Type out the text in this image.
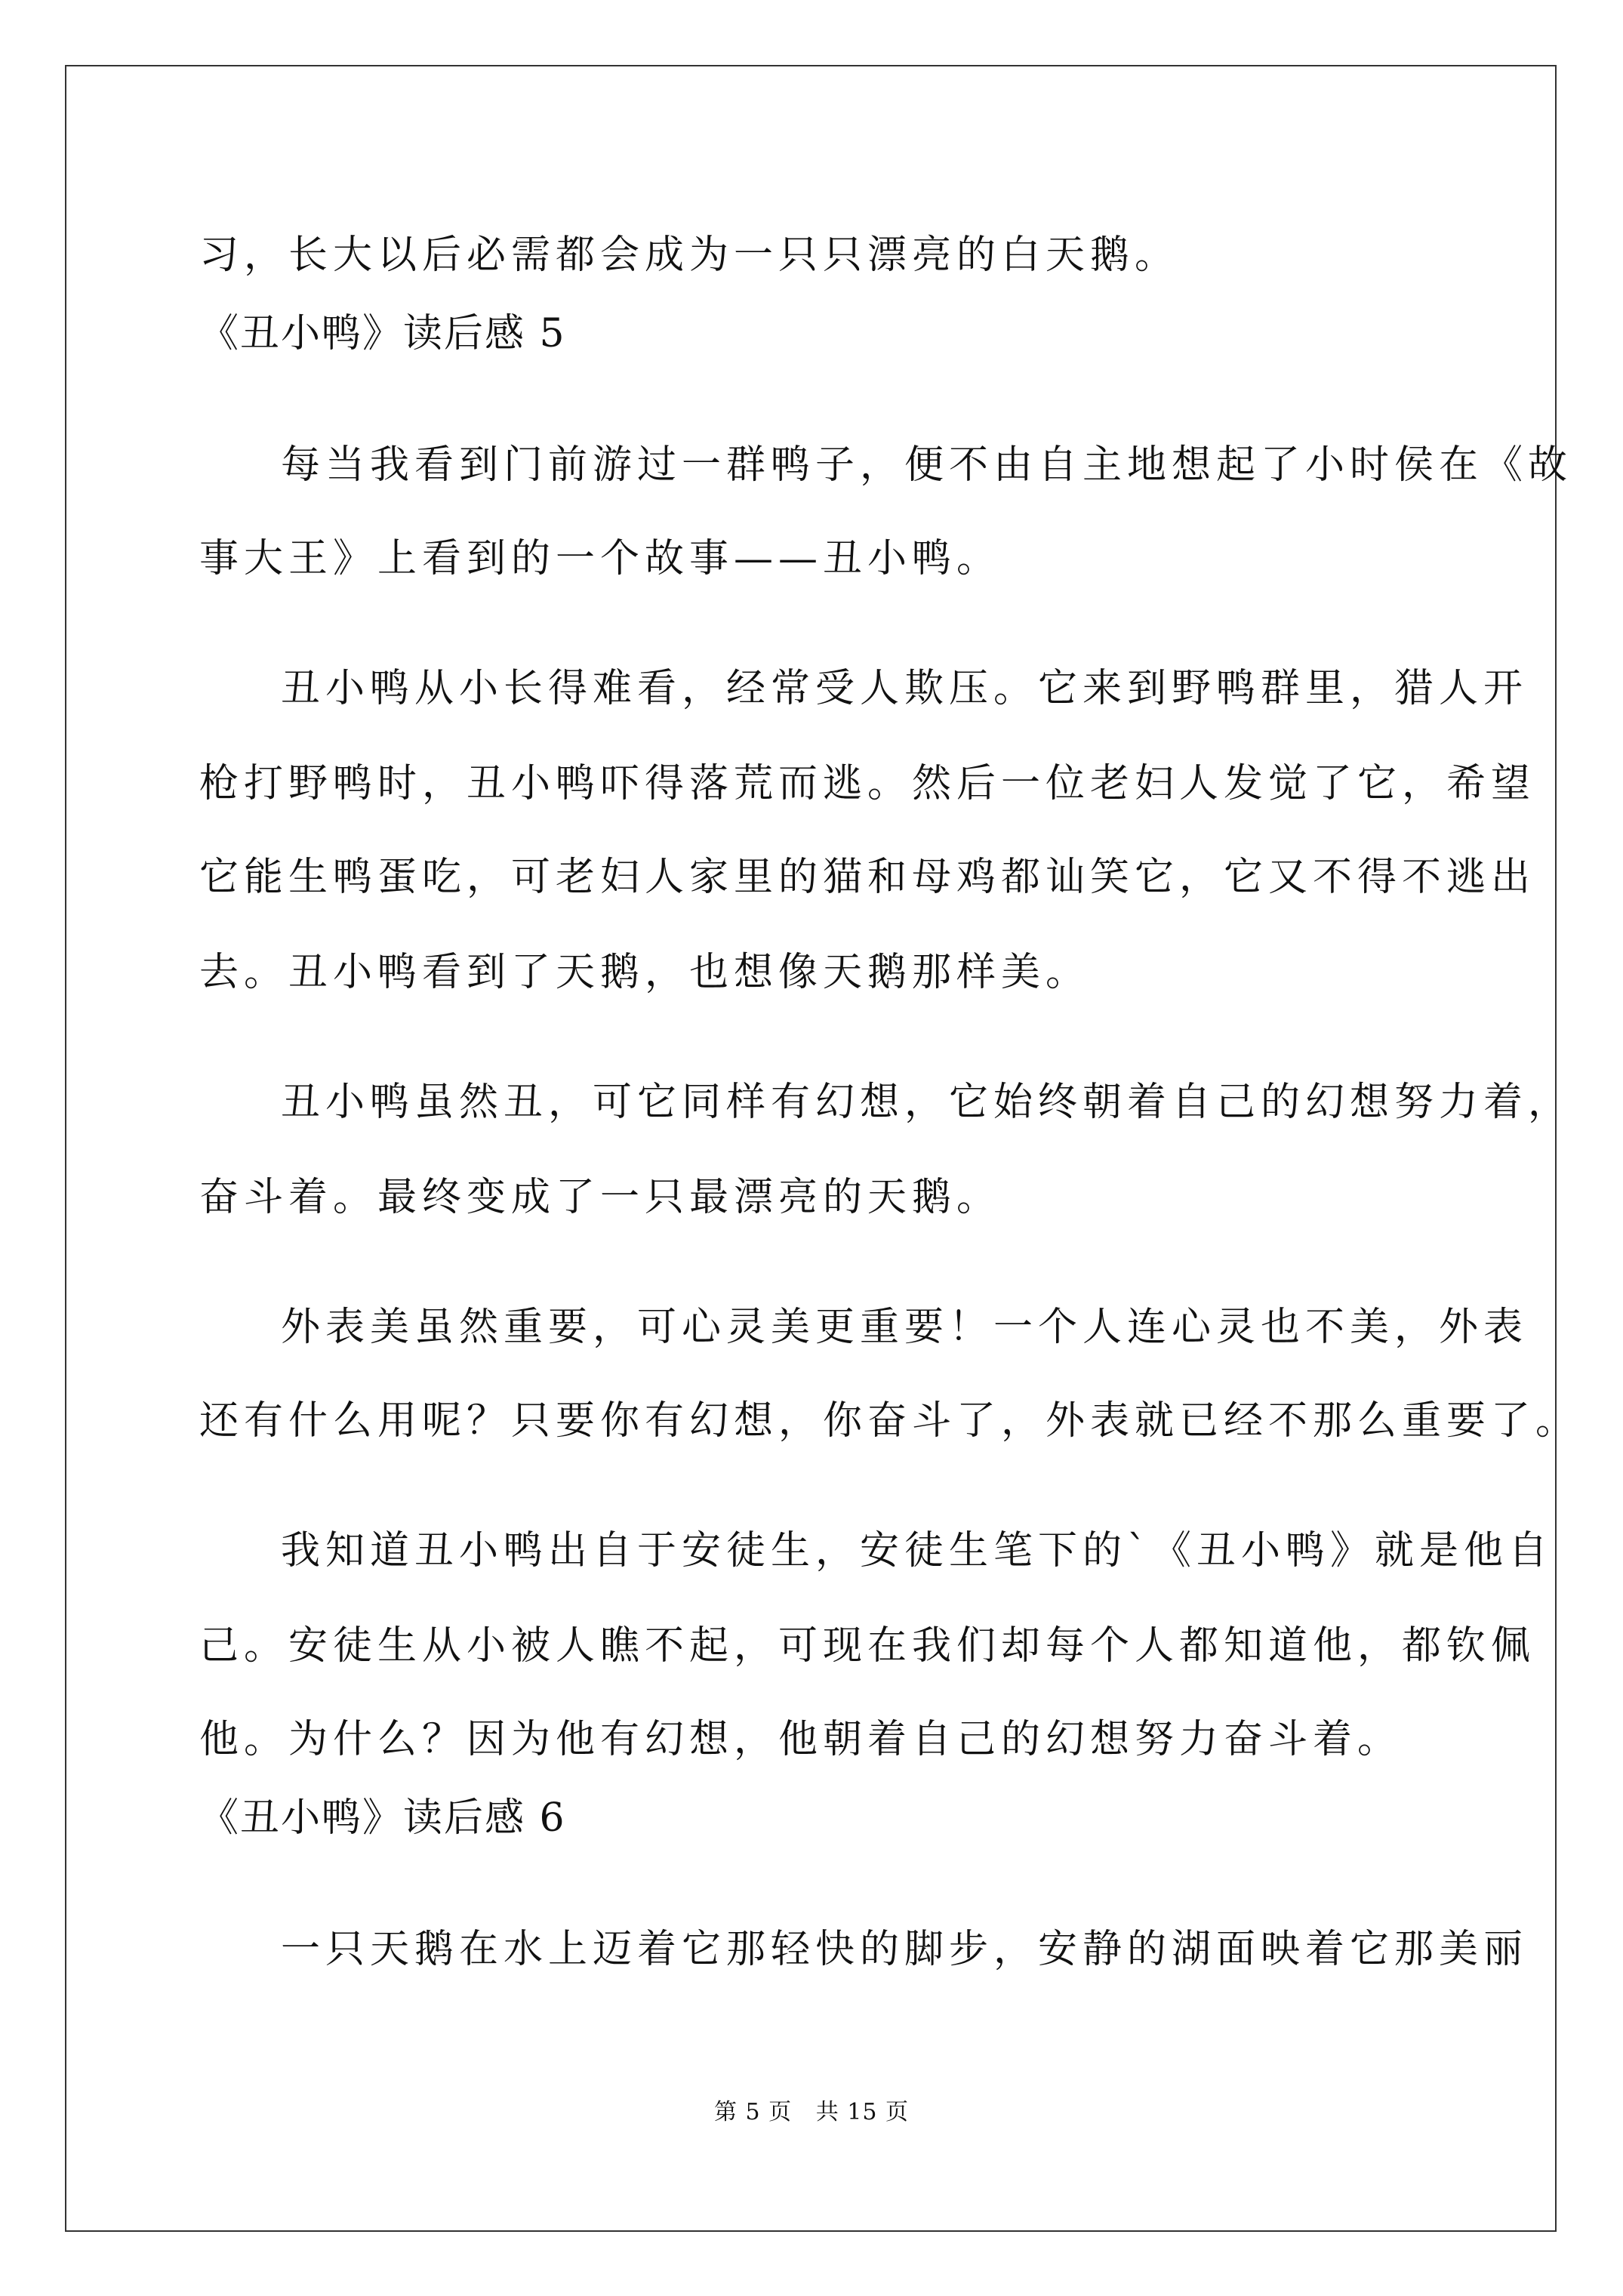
习，长大以后必需都会成为一只只漂亮的白天鹅。
《丑小鸭》读后感 5
每当我看到门前游过一群鸭子，便不由自主地想起了小时侯在《故
事大王》上看到的一个故事——丑小鸭。
丑小鸭从小长得难看，经常受人欺压。它来到野鸭群里，猎人开
枪打野鸭时，丑小鸭吓得落荒而逃。然后一位老妇人发觉了它，希望
它能生鸭蛋吃，可老妇人家里的猫和母鸡都讪笑它，它又不得不逃出
去。丑小鸭看到了天鹅，也想像天鹅那样美。
丑小鸭虽然丑，可它同样有幻想，它始终朝着自己的幻想努力着，
奋斗着。最终变成了一只最漂亮的天鹅。
外表美虽然重要，可心灵美更重要！一个人连心灵也不美，外表
还有什么用呢？只要你有幻想，你奋斗了，外表就已经不那么重要了。
我知道丑小鸭出自于安徒生，安徒生笔下的`《丑小鸭》就是他自
己。安徒生从小被人瞧不起，可现在我们却每个人都知道他，都钦佩
他。为什么？因为他有幻想，他朝着自己的幻想努力奋斗着。
《丑小鸭》读后感 6
一只天鹅在水上迈着它那轻快的脚步，安静的湖面映着它那美丽
第 5 页   共 15 页
